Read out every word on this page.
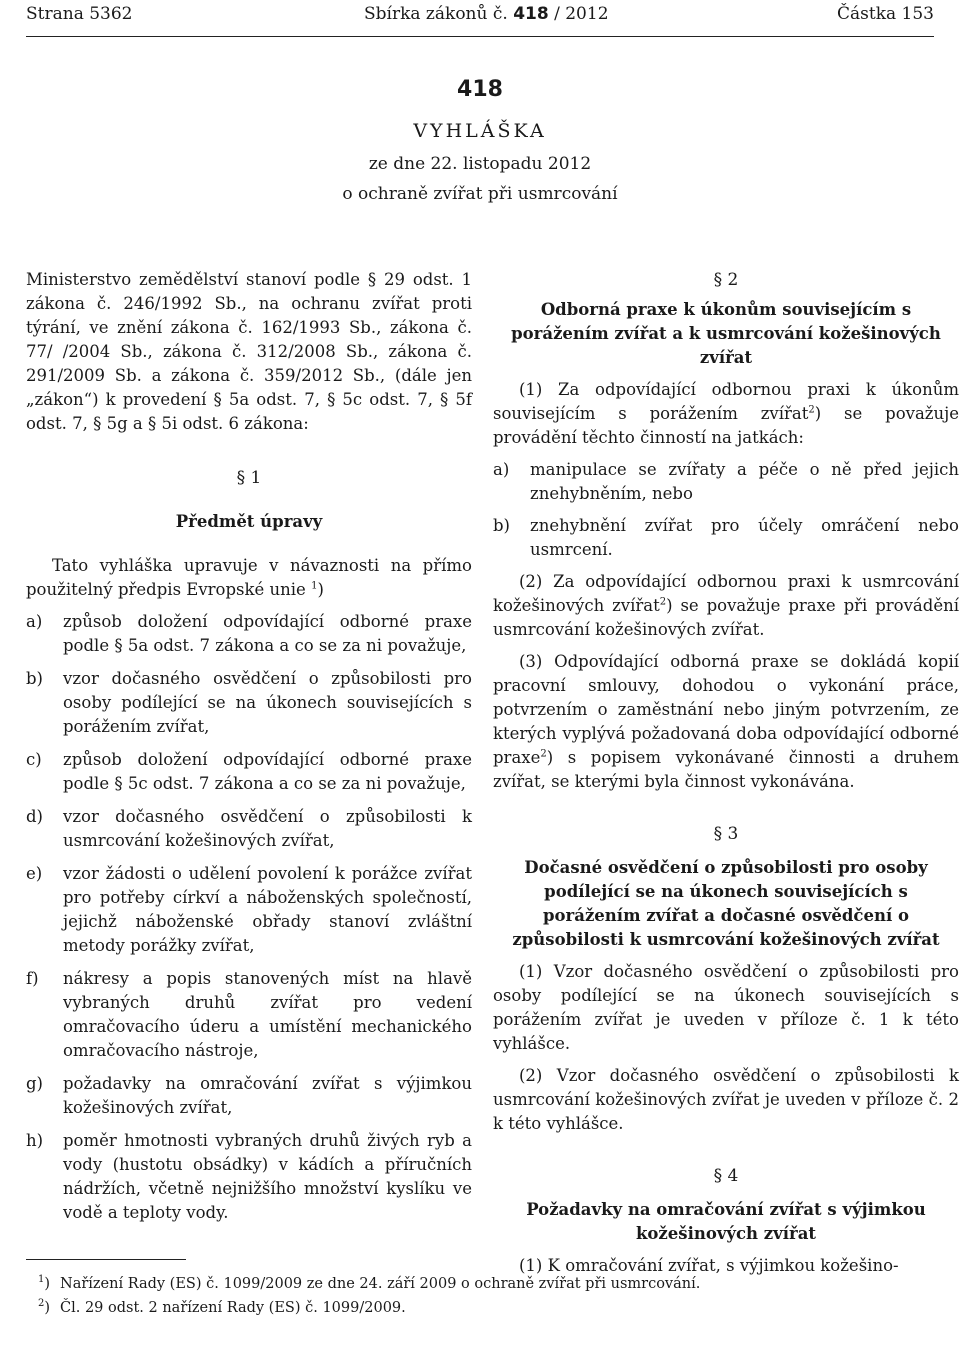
Strana 5362	Sbírka zákonů č. 418 / 2012	Částka 153
418
VYHLÁŠKA
ze dne 22. listopadu 2012
o ochraně zvířat při usmrcování

Ministerstvo zemědělství stanoví podle § 29 odst. 1 zákona č. 246/1992 Sb., na ochranu zvířat proti týrání, ve znění zákona č. 162/1993 Sb., zákona č. 77/ /2004 Sb., zákona č. 312/2008 Sb., zákona č. 291/2009 Sb. a zákona č. 359/2012 Sb., (dále jen „zákon“) k provedení § 5a odst. 7, § 5c odst. 7, § 5f odst. 7, § 5g a § 5i odst. 6 zákona:

§ 1

Předmět úpravy

Tato vyhláška upravuje v návaznosti na přímo použitelný předpis Evropské unie $^1$)

a) způsob doložení odpovídající odborné praxe podle § 5a odst. 7 zákona a co se za ni považuje,
b) vzor dočasného osvědčení o způsobilosti pro osoby podílející se na úkonech souvisejících s porážením zvířat,
c) způsob doložení odpovídající odborné praxe podle § 5c odst. 7 zákona a co se za ni považuje,
d) vzor dočasného osvědčení o způsobilosti k usmrcování kožešinových zvířat,
e) vzor žádosti o udělení povolení k porážce zvířat pro potřeby církví a náboženských společností, jejichž náboženské obřady stanoví zvláštní metody porážky zvířat,
f) nákresy a popis stanovených míst na hlavě vybraných druhů zvířat pro vedení omračovacího úderu a umístění mechanického omračovacího nástroje,
g) požadavky na omračování zvířat s výjimkou kožešinových zvířat,
h) poměr hmotnosti vybraných druhů živých ryb a vody (hustotu obsádky) v kádích a příručních nádržích, včetně nejnižšího množství kyslíku ve vodě a teploty vody.

§ 2

Odborná praxe k úkonům souvisejícím s porážením zvířat a k usmrcování kožešinových zvířat

(1) Za odpovídající odbornou praxi k úkonům souvisejícím s porážením zvířat$^2$) se považuje provádění těchto činností na jatkách:

a) manipulace se zvířaty a péče o ně před jejich znehybněním, nebo
b) znehybnění zvířat pro účely omráčení nebo usmrcení.

(2) Za odpovídající odbornou praxi k usmrcování kožešinových zvířat$^2$) se považuje praxe při provádění usmrcování kožešinových zvířat.

(3) Odpovídající odborná praxe se dokládá kopií pracovní smlouvy, dohodou o vykonání práce, potvrzením o zaměstnání nebo jiným potvrzením, ze kterých vyplývá požadovaná doba odpovídající odborné praxe$^2$) s popisem vykonávané činnosti a druhem zvířat, se kterými byla činnost vykonávána.

§ 3

Dočasné osvědčení o způsobilosti pro osoby podílející se na úkonech souvisejících s porážením zvířat a dočasné osvědčení o způsobilosti k usmrcování kožešinových zvířat

(1) Vzor dočasného osvědčení o způsobilosti pro osoby podílející se na úkonech souvisejících s porážením zvířat je uveden v příloze č. 1 k této vyhlášce.

(2) Vzor dočasného osvědčení o způsobilosti k usmrcování kožešinových zvířat je uveden v příloze č. 2 k této vyhlášce.

§ 4

Požadavky na omračování zvířat s výjimkou kožešinových zvířat

(1) K omračování zvířat, s výjimkou kožešino-

$^1$) Nařízení Rady (ES) č. 1099/2009 ze dne 24. září 2009 o ochraně zvířat při usmrcování.

$^2$) Čl. 29 odst. 2 nařízení Rady (ES) č. 1099/2009.
